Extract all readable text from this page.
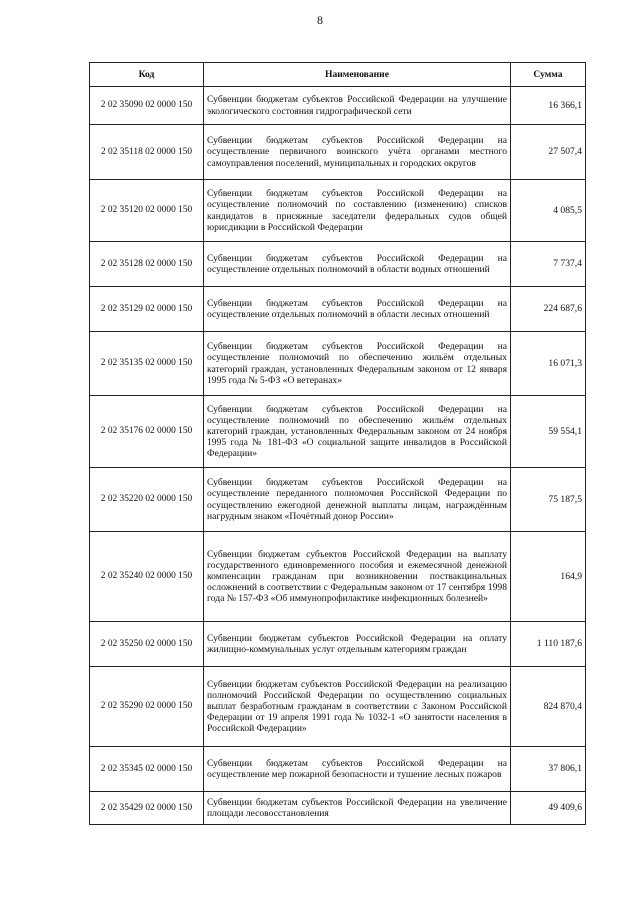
8
Код	Наименование	Сумма
2 02 35090 02 0000 150	Субвенции бюджетам субъектов Российской Федерации на улучшение экологического состояния гидрографической сети	16 366,1
2 02 35118 02 0000 150	Субвенции бюджетам субъектов Российской Федерации на осуществление первичного воинского учёта органами местного самоуправления поселений, муниципальных и городских округов	27 507,4
2 02 35120 02 0000 150	Субвенции бюджетам субъектов Российской Федерации на осуществление полномочий по составлению (изменению) списков кандидатов в присяжные заседатели федеральных судов общей юрисдикции в Российской Федерации	4 085,5
2 02 35128 02 0000 150	Субвенции бюджетам субъектов Российской Федерации на осуществление отдельных полномочий в области водных отношений	7 737,4
2 02 35129 02 0000 150	Субвенции бюджетам субъектов Российской Федерации на осуществление отдельных полномочий в области лесных отношений	224 687,6
2 02 35135 02 0000 150	Субвенции бюджетам субъектов Российской Федерации на осуществление полномочий по обеспечению жильём отдельных категорий граждан, установленных Федеральным законом от 12 января 1995 года № 5-ФЗ «О ветеранах»	16 071,3
2 02 35176 02 0000 150	Субвенции бюджетам субъектов Российской Федерации на осуществление полномочий по обеспечению жильём отдельных категорий граждан, установленных Федеральным законом от 24 ноября 1995 года № 181-ФЗ «О социальной защите инвалидов в Российской Федерации»	59 554,1
2 02 35220 02 0000 150	Субвенции бюджетам субъектов Российской Федерации на осуществление переданного полномочия Российской Федерации по осуществлению ежегодной денежной выплаты лицам, награждённым нагрудным знаком «Почётный донор России»	75 187,5
2 02 35240 02 0000 150	Субвенции бюджетам субъектов Российской Федерации на выплату государственного единовременного пособия и ежемесячной денежной компенсации гражданам при возникновении поствакцинальных осложнений в соответствии с Федеральным законом от 17 сентября 1998 года № 157-ФЗ «Об иммунопрофилактике инфекционных болезней»	164,9
2 02 35250 02 0000 150	Субвенции бюджетам субъектов Российской Федерации на оплату жилищно-коммунальных услуг отдельным категориям граждан	1 110 187,6
2 02 35290 02 0000 150	Субвенции бюджетам субъектов Российской Федерации на реализацию полномочий Российской Федерации по осуществлению социальных выплат безработным гражданам в соответствии с Законом Российской Федерации от 19 апреля 1991 года № 1032-1 «О занятости населения в Российской Федерации»	824 870,4
2 02 35345 02 0000 150	Субвенции бюджетам субъектов Российской Федерации на осуществление мер пожарной безопасности и тушение лесных пожаров	37 806,1
2 02 35429 02 0000 150	Субвенции бюджетам субъектов Российской Федерации на увеличение площади лесовосстановления	49 409,6
